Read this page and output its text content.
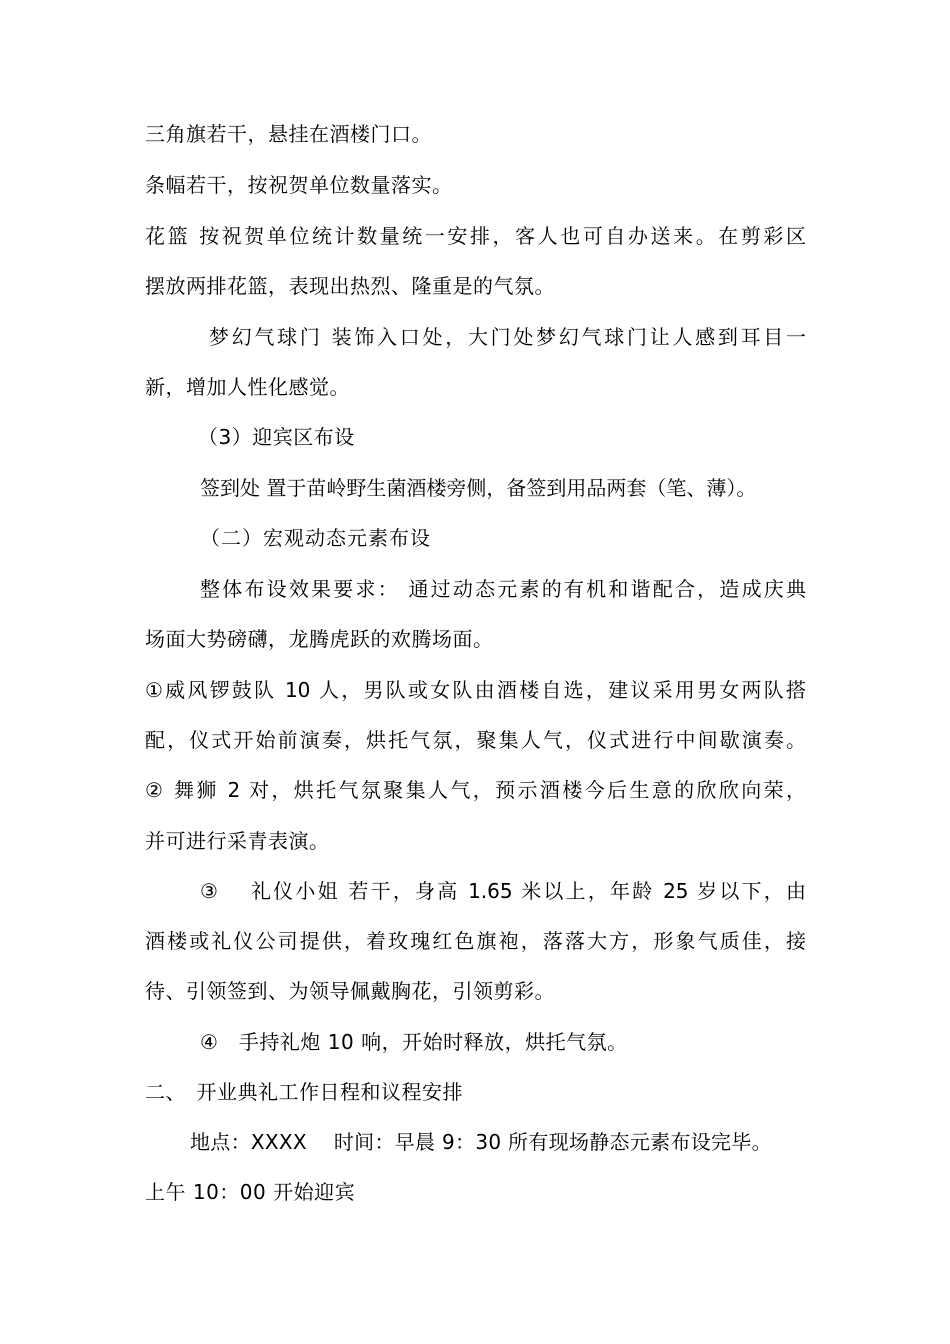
三角旗若干，悬挂在酒楼门口。
条幅若干，按祝贺单位数量落实。
花篮 按祝贺单位统计数量统一安排，客人也可自办送来。在剪彩区
摆放两排花篮，表现出热烈、隆重是的气氛。
梦幻气球门 装饰入口处，大门处梦幻气球门让人感到耳目一
新，增加人性化感觉。
（3）迎宾区布设
签到处 置于苗岭野生菌酒楼旁侧，备签到用品两套（笔、薄）。
（二）宏观动态元素布设
整体布设效果要求： 通过动态元素的有机和谐配合，造成庆典
场面大势磅礴，龙腾虎跃的欢腾场面。
①威风锣鼓队 10 人，男队或女队由酒楼自选，建议采用男女两队搭
配，仪式开始前演奏，烘托气氛，聚集人气，仪式进行中间歇演奏。
② 舞狮 2 对，烘托气氛聚集人气，预示酒楼今后生意的欣欣向荣，
并可进行采青表演。
③　 礼仪小姐 若干，身高 1.65 米以上，年龄 25 岁以下，由
酒楼或礼仪公司提供，着玫瑰红色旗袍，落落大方，形象气质佳，接
待、引领签到、为领导佩戴胸花，引领剪彩。
④　手持礼炮 10 响，开始时释放，烘托气氛。
二、　开业典礼工作日程和议程安排
地点：XXXX　 时间：早晨 9：30 所有现场静态元素布设完毕。
上午 10：00 开始迎宾
